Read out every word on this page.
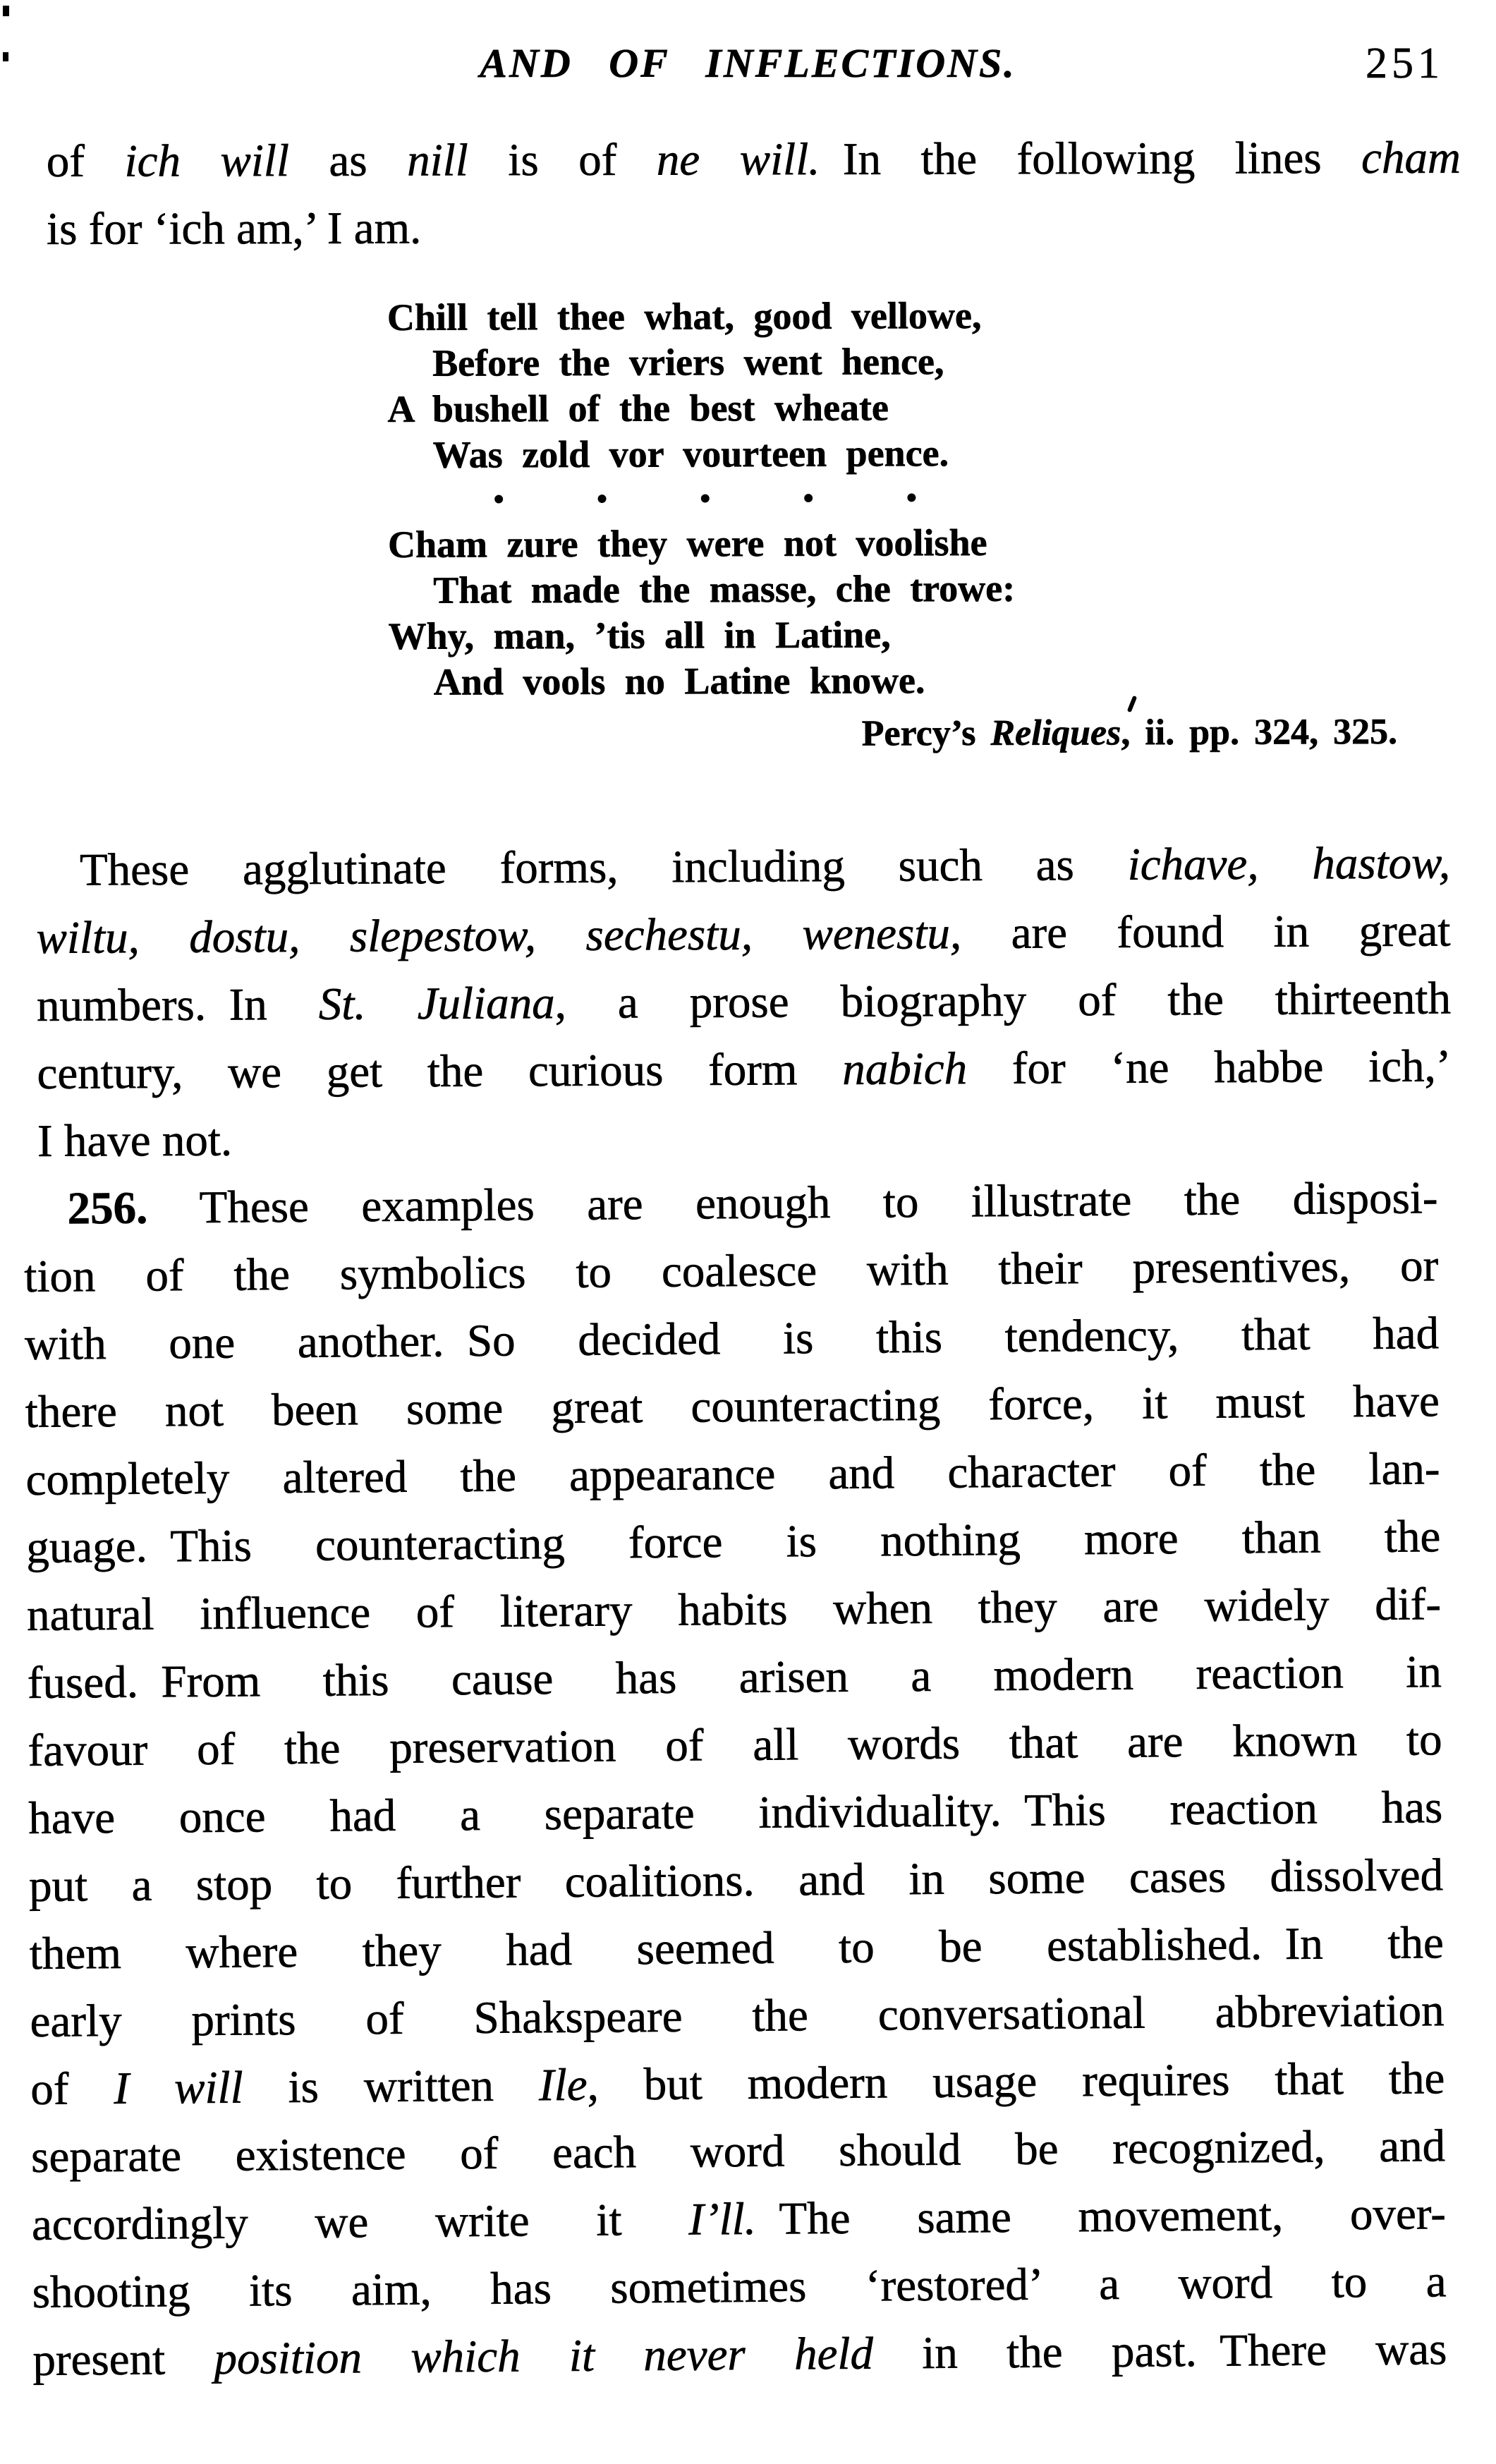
AND OF INFLECTIONS.	251
of ich will as nill is of ne will. In the following lines cham
is for ‘ich am,’ I am.
Chill tell thee what, good vellowe,
Before the vriers went hence,
A bushell of the best wheate
Was zold vor vourteen pence.
•	•	•	•	•
Cham zure they were not voolishe
That made the masse, che trowe:
Why, man, ’tis all in Latine,
And vools no Latine knowe.
Percy’s Reliques, ii. pp. 324, 325.
These agglutinate forms, including such as ichave, hastow,
wiltu, dostu, slepestow, sechestu, wenestu, are found in great
numbers. In St. Juliana, a prose biography of the thirteenth
century, we get the curious form nabich for ‘ne habbe ich,’
I have not.
256. These examples are enough to illustrate the disposi-
tion of the symbolics to coalesce with their presentives, or
with one another. So decided is this tendency, that had
there not been some great counteracting force, it must have
completely altered the appearance and character of the lan-
guage. This counteracting force is nothing more than the
natural influence of literary habits when they are widely dif-
fused. From this cause has arisen a modern reaction in
favour of the preservation of all words that are known to
have once had a separate individuality. This reaction has
put a stop to further coalitions. and in some cases dissolved
them where they had seemed to be established. In the
early prints of Shakspeare the conversational abbreviation
of I will is written Ile, but modern usage requires that the
separate existence of each word should be recognized, and
accordingly we write it I’ll. The same movement, over-
shooting its aim, has sometimes ‘restored’ a word to a
present position which it never held in the past. There was
